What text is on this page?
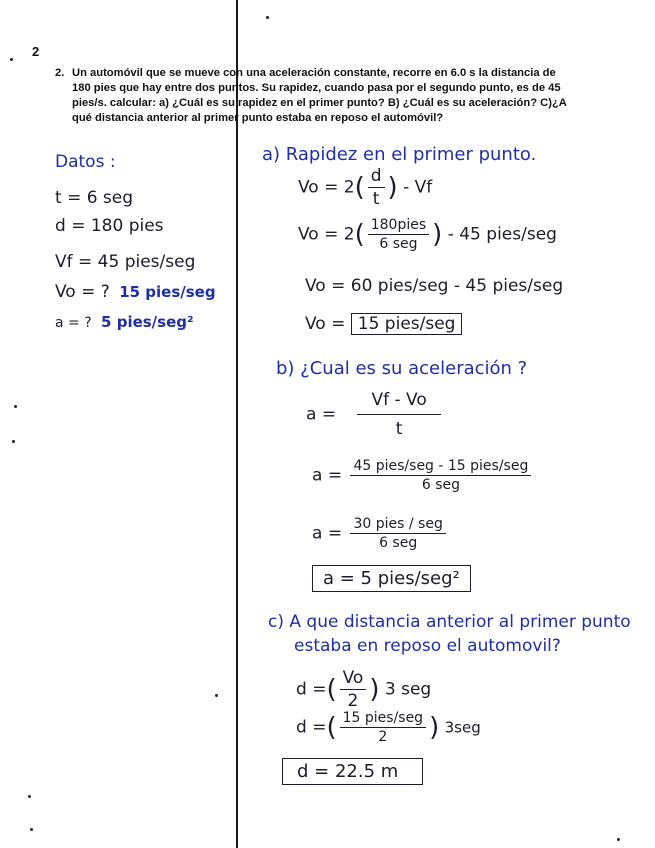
2
2. Un automóvil que se mueve con una aceleración constante, recorre en 6.0 s la distancia de
180 pies que hay entre dos puntos. Su rapidez, cuando pasa por el segundo punto, es de 45
pies/s. calcular: a) ¿Cuál es su rapidez en el primer punto? B) ¿Cuál es su aceleración? C)¿A
qué distancia anterior al primer punto estaba en reposo el automóvil?
Datos :
t = 6 seg
d = 180 pies
Vf = 45 pies/seg
Vo = ? 15 pies/seg
a = ? 5 pies/seg²
a) Rapidez en el primer punto.
$Vo = 2( \frac{d}{t}$ ) - Vf
$Vo = 2( \frac{\text{180pies}}{\text{6 seg}}$ ) - 45 pies/seg
Vo = 60 pies/seg - 45 pies/seg
Vo = 15 pies/seg
b) ¿Cual es su aceleración ?
$a = \frac{Vf - Vo}{t}$
$a = \frac{\text{45 pies/seg - 15 pies/seg}}{\text{6 seg}}$
$a = \frac{\text{30 pies / seg}}{\text{6 seg}}$
a = 5 pies/seg²
c) A que distancia anterior al primer punto
estaba en reposo el automovil?
d =( $\frac{Vo}{2}$ ) 3 seg
d =( $\frac{\text{15 pies/seg}}{2}$ ) 3seg
d = 22.5 m
